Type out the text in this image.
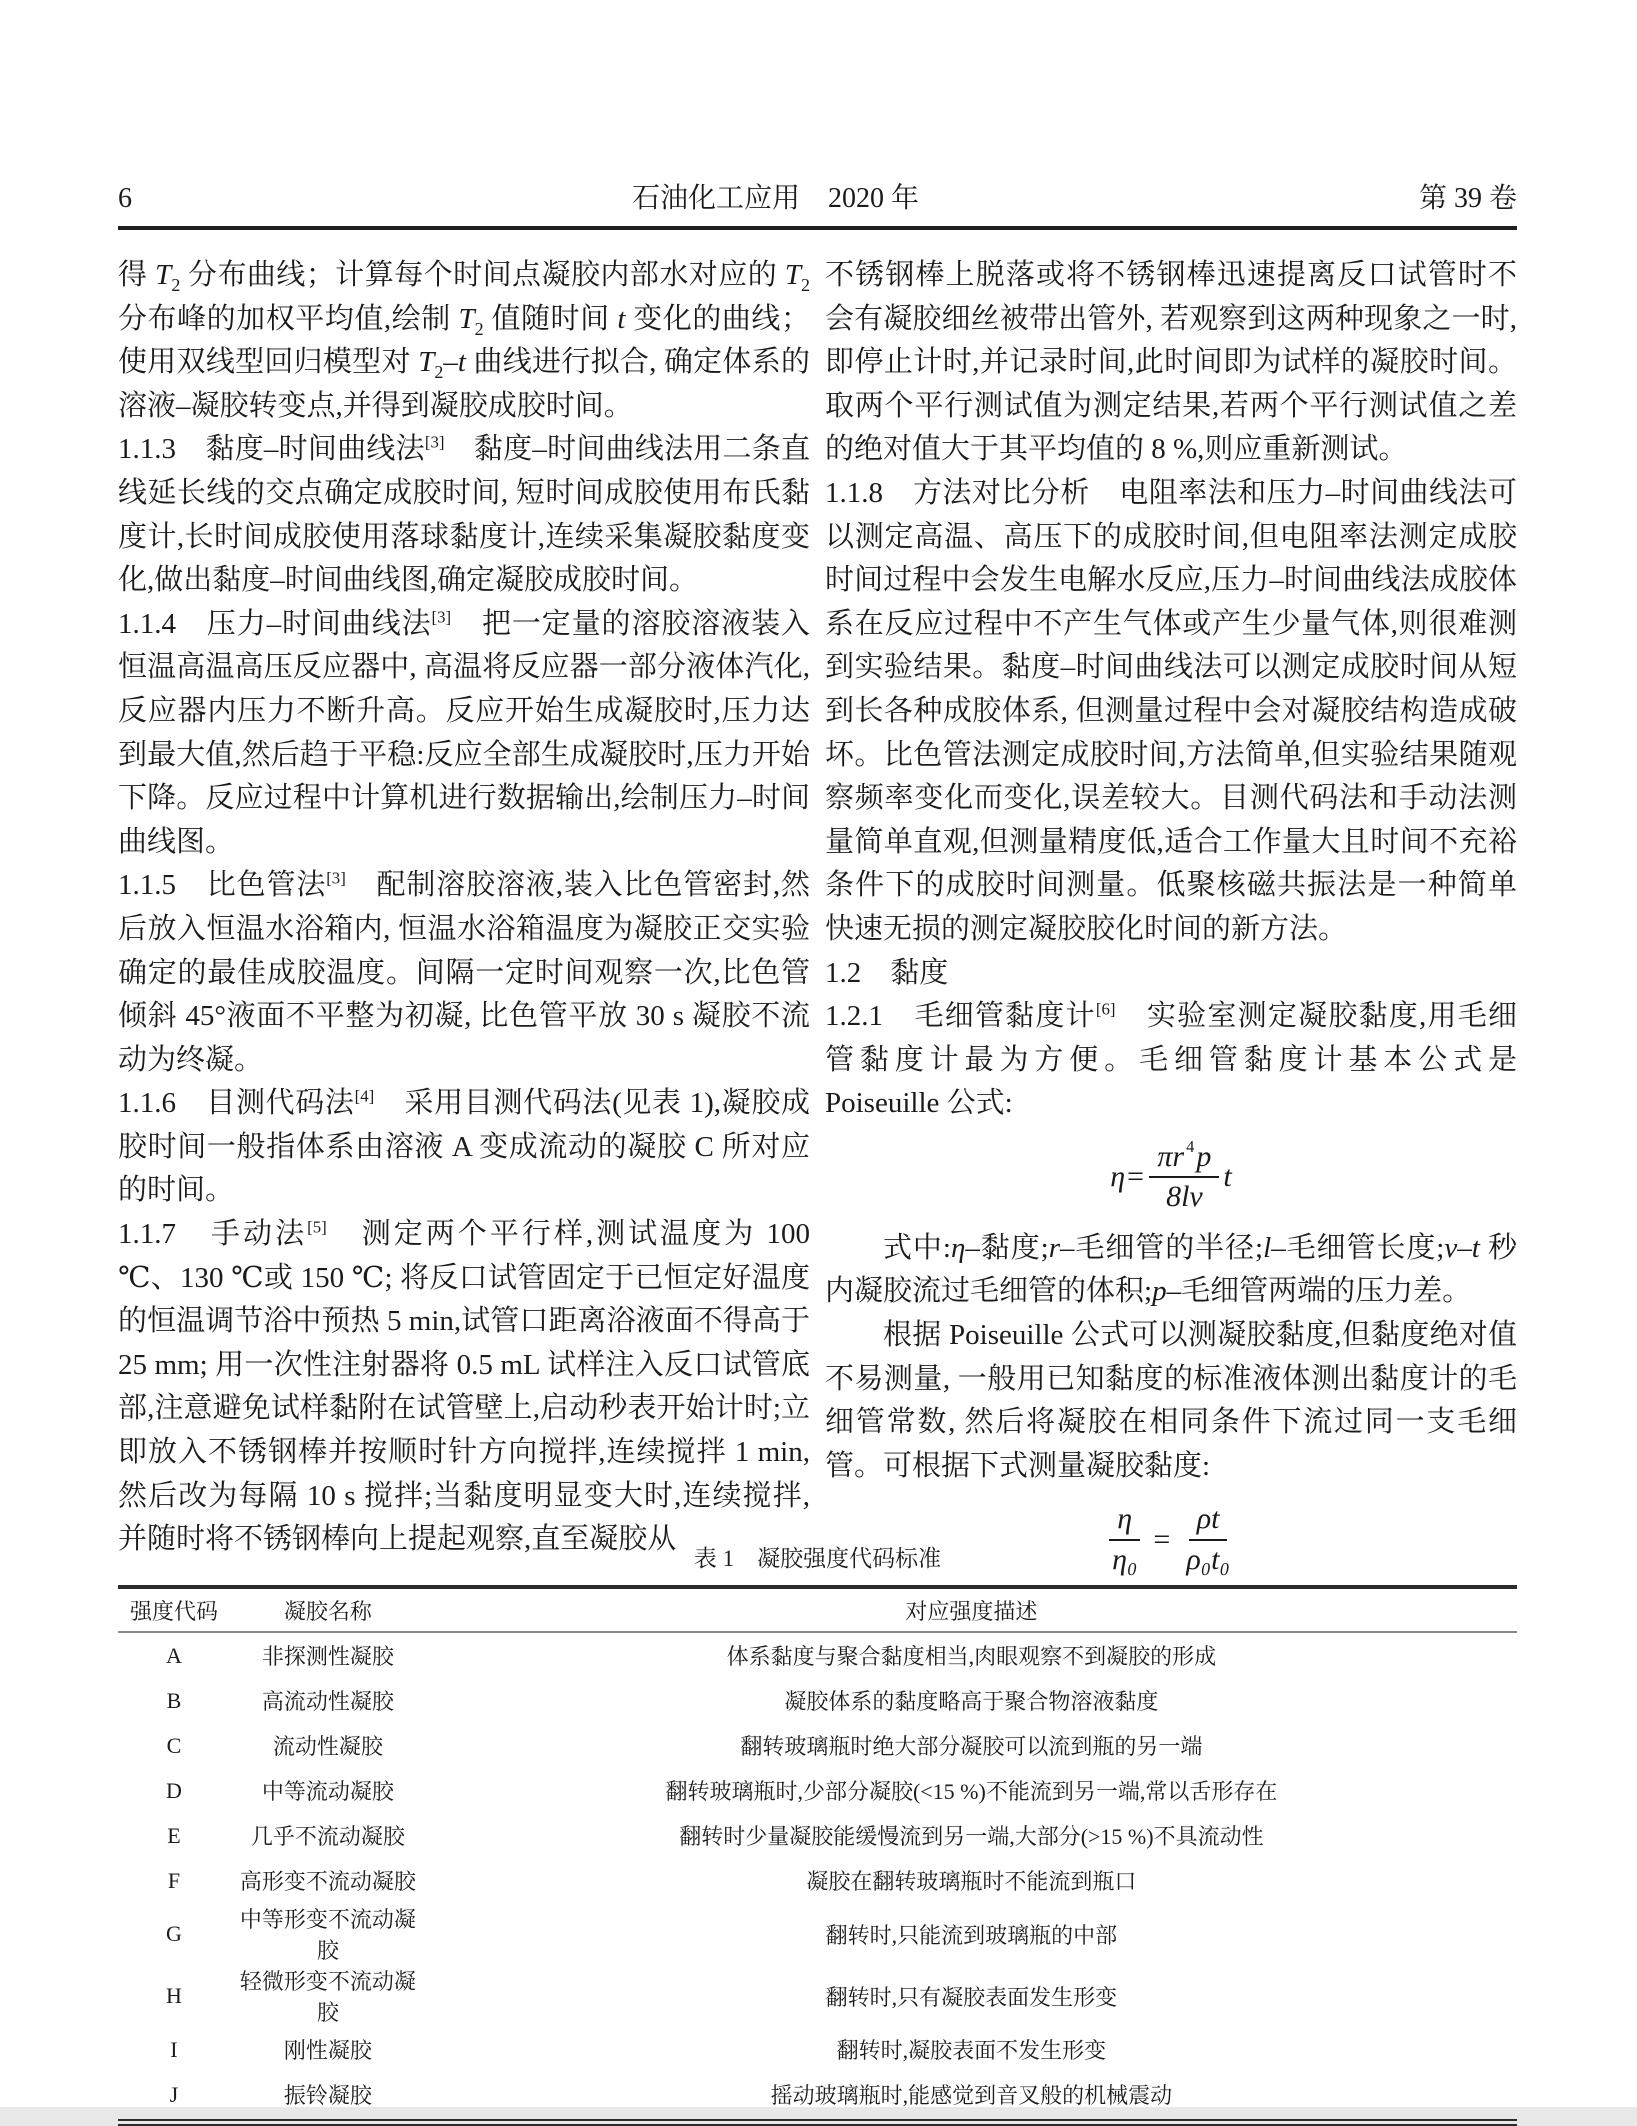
6	石油化工应用　2020 年	第 39 卷

得 $T_2$ 分布曲线；计算每个时间点凝胶内部水对应的 $T_2$ 分布峰的加权平均值,绘制 $T_2$ 值随时间 t 变化的曲线；使用双线型回归模型对 $T_2-t$ 曲线进行拟合, 确定体系的溶液–凝胶转变点,并得到凝胶成胶时间。

1.1.3　黏度–时间曲线法[3]　黏度–时间曲线法用二条直线延长线的交点确定成胶时间, 短时间成胶使用布氏黏度计,长时间成胶使用落球黏度计,连续采集凝胶黏度变化,做出黏度–时间曲线图,确定凝胶成胶时间。

1.1.4　压力–时间曲线法[3]　把一定量的溶胶溶液装入恒温高温高压反应器中, 高温将反应器一部分液体汽化,反应器内压力不断升高。反应开始生成凝胶时,压力达到最大值,然后趋于平稳:反应全部生成凝胶时,压力开始下降。反应过程中计算机进行数据输出,绘制压力–时间曲线图。

1.1.5　比色管法[3]　配制溶胶溶液,装入比色管密封,然后放入恒温水浴箱内, 恒温水浴箱温度为凝胶正交实验确定的最佳成胶温度。间隔一定时间观察一次,比色管倾斜 45°液面不平整为初凝, 比色管平放 30 s 凝胶不流动为终凝。

1.1.6　目测代码法[4]　采用目测代码法(见表 1),凝胶成胶时间一般指体系由溶液 A 变成流动的凝胶 C 所对应的时间。

1.1.7　手动法[5]　测定两个平行样,测试温度为 100 ℃、130 ℃或 150 ℃; 将反口试管固定于已恒定好温度的恒温调节浴中预热 5 min,试管口距离浴液面不得高于 25 mm; 用一次性注射器将 0.5 mL 试样注入反口试管底部,注意避免试样黏附在试管壁上,启动秒表开始计时;立即放入不锈钢棒并按顺时针方向搅拌,连续搅拌 1 min,然后改为每隔 10 s 搅拌;当黏度明显变大时,连续搅拌,并随时将不锈钢棒向上提起观察,直至凝胶从

不锈钢棒上脱落或将不锈钢棒迅速提离反口试管时不会有凝胶细丝被带出管外, 若观察到这两种现象之一时,即停止计时,并记录时间,此时间即为试样的凝胶时间。取两个平行测试值为测定结果,若两个平行测试值之差的绝对值大于其平均值的 8 %,则应重新测试。

1.1.8　方法对比分析　电阻率法和压力–时间曲线法可以测定高温、高压下的成胶时间,但电阻率法测定成胶时间过程中会发生电解水反应,压力–时间曲线法成胶体系在反应过程中不产生气体或产生少量气体,则很难测到实验结果。黏度–时间曲线法可以测定成胶时间从短到长各种成胶体系, 但测量过程中会对凝胶结构造成破坏。比色管法测定成胶时间,方法简单,但实验结果随观察频率变化而变化,误差较大。目测代码法和手动法测量简单直观,但测量精度低,适合工作量大且时间不充裕条件下的成胶时间测量。低聚核磁共振法是一种简单快速无损的测定凝胶胶化时间的新方法。

1.2　黏度

1.2.1　毛细管黏度计[6]　实验室测定凝胶黏度,用毛细管黏度计最为方便。毛细管黏度计基本公式是 Poiseuille 公式:

$\eta= \frac{\pi r ^4p}{8lv}$ t

式中:η–黏度;r–毛细管的半径;l–毛细管长度;v–t 秒内凝胶流过毛细管的体积;p–毛细管两端的压力差。

根据 Poiseuille 公式可以测凝胶黏度,但黏度绝对值不易测量, 一般用已知黏度的标准液体测出黏度计的毛细管常数, 然后将凝胶在相同条件下流过同一支毛细管。可根据下式测量凝胶黏度:

$\frac{\eta}{\text{η₀}} = \frac{\rho t}{\text{ρ₀t₀}}$
表 1　凝胶强度代码标准
强度代码	凝胶名称	对应强度描述
A	非探测性凝胶	体系黏度与聚合黏度相当,肉眼观察不到凝胶的形成
B	高流动性凝胶	凝胶体系的黏度略高于聚合物溶液黏度
C	流动性凝胶	翻转玻璃瓶时绝大部分凝胶可以流到瓶的另一端
D	中等流动凝胶	翻转玻璃瓶时,少部分凝胶(<15 %)不能流到另一端,常以舌形存在
E	几乎不流动凝胶	翻转时少量凝胶能缓慢流到另一端,大部分(>15 %)不具流动性
F	高形变不流动凝胶	凝胶在翻转玻璃瓶时不能流到瓶口
G	中等形变不流动凝胶	翻转时,只能流到玻璃瓶的中部
H	轻微形变不流动凝胶	翻转时,只有凝胶表面发生形变
I	刚性凝胶	翻转时,凝胶表面不发生形变
J	振铃凝胶	摇动玻璃瓶时,能感觉到音叉般的机械震动
